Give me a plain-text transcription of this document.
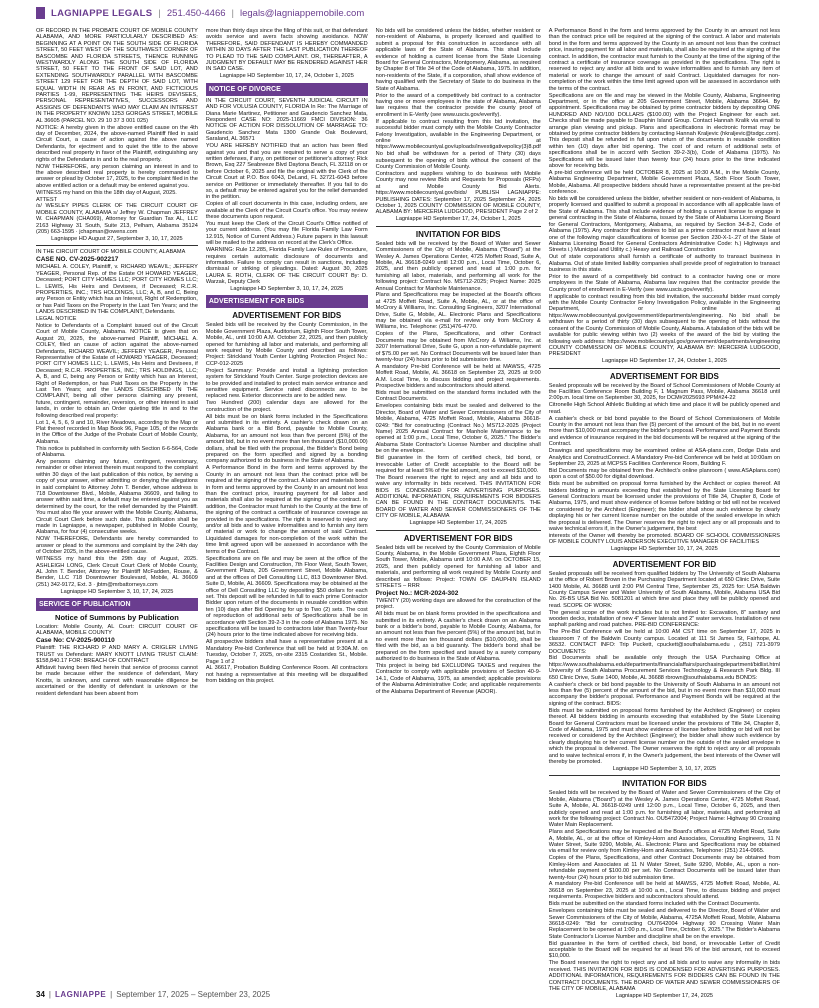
LAGNIAPPE LEGALS | 251.450-4466 | legals@lagniappemobile.com

OF RECORD IN THE PROBATE COURT OF MOBILE COUNTY ALABAMA, AND MORE PARTICULARLY DESCRIBED AS: BEGINNING AT A POINT ON THE SOUTH SIDE OF FLORIDA STREET, 50 FEET WEST OF THE SOUTHWEST CORNER OF BASCOMBE AND FLORIDA STREETS, THENCE RUNNING WESTWARDLY ALONG THE SOUTH SIDE OF FLORIDA STREET, 50 FEET TO THE FRONT OF SAID LOT, AND EXTENDING SOUTHWARDLY PARALLEL WITH BASCOMBE STREET 129 FEET FOR THE DEPTH OF SAID LOT, WITH EQUAL WIDTH IN REAR AS IN FRONT, AND FICTICIOUS PARTIES 1-99, REPRESENTING THE HEIRS DEVISEES, PERSONAL REPRESENTATIVES, SUCCESSORS AND ASSIGNS OF DEFENDANTS WHO MAY CLAIM AN INTEREST IN THE PROPERTY KNOWN 1253 GORGAS STREET, MOBILE AL 36605 (PARCEL NO. 29 10 37 3 001 025)

NOTICE: A hereby given in the above entitled cause on the 4th day of December, 2024, the above-named Plaintiff filed in said Circuit Court, a cause of action against the above named Defendants, for ejectment and to quiet the title to the above described real property in favor of the Plaintiff, extinguishing any rights of the Defendants in and to the real property.

NOW THEREFORE, any person claiming an interest in and to the above described real property is hereby commanded to answer or plead by October 17, 2025, to the complaint filed in the above entitled action or a default may be entered against you.

WITNESS my hand on this the 18th day of August, 2025.

ATTEST

/s/ WESLEY PIPES CLERK OF THE CIRCUIT COURT OF MOBILE COUNTY, ALABAMA s/ Jeffrey W. Chapman JEFFREY W. CHAPMAN (CHA069), Attorney for Guardian Tax AL, LLC 2163 Highway 31 South, Suite 213, Pelham, Alabama 35124 (205) 663-1595 · jchapman@owens.com

Lagniappe HD August 27, September 3, 10, 17, 2025

IN THE CIRCUIT COURT OF MOBILE COUNTY, ALABAMA

CASE NO. CV-2025-902217

MICHAEL A. COLEY, Plaintiff, v. RICHARD WEAVIL; JEFFERY YEAGER, Personal Rep. of the Estate Of HOWARD YEAGER, Deceased; PORT CITY HOMES LLC; PORT CITY HOMES LLC; L. LEWIS, His Heirs and Devisees, if Deceased; R.C.R. PROPERTIES, INC.; TRS HOLDINGS, LLC; A, B, and C, Being any Person or Entity which has an Interest, Right of Redemption, or has Paid Taxes on the Property in the Last Ten Years; and the LANDS DESCRIBED IN THE COMPLAINT, Defendants.

LEGAL NOTICE

Notice to Defendants of a Complaint issued out of the Circuit Court of Mobile County, Alabama. NOTICE is given that on August 20, 2025, the above-named Plaintiff, MICHAEL A. COLEY, filed an cause of action against the above-named Defendants, RICHARD WEAVIL; JEFFERY YEAGER, Personal Representative of the Estate of HOWARD YEAGER, Deceased; PORT CITY HOMES LLC; L. LEWIS, His Heirs and Devisees, if Deceased; R.C.R. PROPERTIES, INC.; TRS HOLDINGS, LLC; A, B, and C, being any Person or Entity which has an Interest, Right of Redemption, or has Paid Taxes on the Property in the Last Ten Years; and the LANDS DESCRIBED IN THE COMPLAINT, being all other persons claiming any present, future, contingent, remainder, reversion, or other interest in said lands, in order to obtain an Order quieting title in and to the following described real property:

Lot 1, 4, 5, 6, 9 and 10, River Meadows, according to the Map or Plat thereof recorded in Map Book 96, Page 105, of the records in the Office of the Judge of the Probate Court of Mobile County, Alabama.

This notice is published in conformity with Section 6-6-564, Code of Alabama.

Any persons claiming any future, contingent, reversionary, remainder or other interest therein must respond to the complaint within 30 days of the last publication of this notice, by serving a copy of your answer, either admitting or denying the allegations in said complaint to Attorney John T. Bender, whose address is 718 Downtowner Blvd., Mobile, Alabama 36609, and failing to answer within said time, a default may be entered against you as determined by the court, for the relief demanded by the Plaintiff. You must also file your answer with the Mobile County, Alabama, Circuit Court Clerk before such date. This publication shall be made in Lagniappe, a newspaper, published in Mobile County, Alabama, for four (4) consecutive weeks.

NOW THEREFORE, Defendants are hereby commanded to answer or plead to the summons and complaint by the 24th day of October 2025, in the above-entitled cause.

WITNESS my hand this the 29th day of August, 2025. ASHLEIGH LONG, Clerk Circuit Court Clerk of Mobile County, AL John T. Bender, Attorney for Plaintiff McFadden, Rouse, & Bender, LLC 718 Downtowner Boulevard, Mobile, AL 36609 (251) 342-9172, Ext. 3 · jbtm@mrbattorneys.com

Lagniappe HD September 3, 10, 17, 24, 2025

SERVICE OF PUBLICATION
Notice of Summons by Publication

Location: Mobile County, AL Court: CIRCUIT COURT OF ALABAMA, MOBILE COUNTY

Case No: CV-2025-900110

Plaintiff: THE RICHARD P AND MARY A. CRIGLER LIVING TRUST vs Defendant: MARY KNOTT LIVING TRUST CLAIM: $158,840.17 FOR: BREACH OF CONTRACT

Affidavit having been filed herein that service of process cannot be made because either the residence of defendant, Mary Knotts, is unknown, and cannot with reasonable diligence be ascertained or the identity of defendant is unknown or the resident defendant has been absent from

more than thirty days since the filing of this suit, or that defendant avoids service and avers facts showing avoidance. NOW THEREFORE, SAID DEFENDANT IS HEREBY COMMANDED WITHIN 30 DAYS AFTER THE LAST PUBLICATION THEREOF TO PLEAD TO THE SAID COMPLAINT. OR, THEREAFTER, A JUDGMENT BY DEFAULT MAY BE RENDERED AGAINST HER IN SAID CASE.

Lagniappe HD September 10, 17, 24, October 1, 2025

NOTICE OF DIVORCE

IN THE CIRCUIT COURT, SEVENTH JUDICIAL CIRCUIT IN AND FOR VOLUSIA COUNTY, FLORIDA In Re: The Marriage of Diana Marie Martinez, Petitioner and Gaudencio Sanchez Mata, Respondent CASE NO: 2025-11669 FMCI DIVISION: 36 NOTICE OF ACTION FOR DISSOLUTION OF MARRIAGE TO: Gaudencio Sanchez Mata 1300 Grande Oak Boulevard, Saraland, AL 36571

YOU ARE HEREBY NOTIFIED that an action has been filed against you and that you are required to serve a copy of your written defenses, if any, on petitioner or petitioner's attorney: Rick Brown, Esq 227 Seabreeze Blvd Daytona Beach, FL 32118 on or before October 6, 2025 and file the original with the Clerk of the Circuit Court at P.O. Box 6043, DeLand, FL 32721-6043 before service on Petitioner or immediately thereafter. If you fail to do so, a default may be entered against you for the relief demanded in the petition.

Copies of all court documents in this case, including orders, are available at the Clerk of the Circuit Court's office. You may review these documents upon request.

You must keep the Clerk of the Circuit Court's Office notified of your current address. (You may file Florida Family Law Form 12.915, Notice of Current Address.) Future papers in this lawsuit will be mailed to the address on record at the Clerk's Office.

WARNING: Rule 12.285, Florida Family Law Rules of Procedure, requires certain automatic disclosure of documents and information. Failure to comply can result in sanctions, including dismissal or striking of pleadings. Dated: August 30, 2025 LAURA E. ROTH, CLERK OF THE CIRCUIT COURT By: D. Warzak, Deputy Clerk

Lagniappe HD September 3, 10, 17, 24, 2025

ADVERTISEMENT FOR BIDS
ADVERTISEMENT FOR BIDS

Sealed bids will be received by the County Commission, in the Mobile Government Plaza, Auditorium, Eighth Floor South Tower, Mobile, AL, until 10:00 A.M. October 22, 2025, and then publicly opened for furnishing all labor and materials, and performing all work required by Mobile County and described as follows: Project: Strickland Youth Center Lighting Protection Project No.: CCP-012-2025

Project Summary: Provide and install a lightning protection system for Strickland Youth Center. Surge protection devices are to be provided and installed to protect main service entrance and sensitive equipment. Service rated disconnects are to be replaced new. Exterior disconnects are to be added new.

Two Hundred (200) calendar days are allowed for the construction of the project.

All bids must be on blank forms included in the Specifications and submitted in its entirety. A cashier's check drawn on an Alabama bank or a Bid Bond, payable to Mobile County, Alabama, for an amount not less than five percent (5%) of the amount bid, but in no event more than ten thousand ($10,000.00) dollars, shall be filed with the proposal, the Bidder's Bond being prepared on the form specified and signed by a bonding company authorized to do business in the State of Alabama.

A Performance Bond in the form and terms approved by the County in an amount not less than the contract price will be required at the signing of the contract. A labor and materials bond in form and terms approved by the County in an amount not less than the contract price, insuring payment for all labor and materials shall also be required at the signing of the contract. In addition, the Contractor must furnish to the County at the time of the signing of the contract a certificate of insurance coverage as provided in the specifications. The right is reserved to reject any and/or all bids and to waive informalities and to furnish any item of material or work to change the amount of said Contract. Liquidated damages for non-completion of the work within the time limit agreed upon will be assessed in accordance with the terms of the Contract.

Specifications are on file and may be seen at the office of the Facilities Design and Construction, 7th Floor West, South Tower, Government Plaza, 205 Government Street, Mobile Alabama, and at the offices of Dell Consulting LLC, 813 Downtowner Blvd. Suite D, Mobile, AL 36609. Specifications may be obtained at the office of Dell Consulting LLC by depositing $50 dollars for each set. This deposit will be refunded in full to each prime Contractor Bidder upon return of the documents in reusable condition within ten (10) days after Bid Opening for up to Two (2) sets. The cost of reproduction of additional sets of Specifications shall be in accordance with Section 39-2-3 in the code of Alabama 1975. No specifications will be issued to contractors later than Twenty-four (24) hours prior to the time indicated above for receiving bids.

All prospective bidders shall have a representative present at a Mandatory Pre-bid Conference that will be held at 9:30A.M. on Tuesday, October 7, 2025, on-site 2315 Costarides St., Mobile. Page 1 of 2

AL 36617, Probation Building Conference Room. All contractors not having a representative at this meeting will be disqualified from bidding on this project.

No bids will be considered unless the bidder, whether resident or non-resident of Alabama, is properly licensed and qualified to submit a proposal for this construction in accordance with all applicable laws of the State of Alabama. This shall include evidence of holding a current license from the State Licensing Board for General Contractors, Montgomery, Alabama, as required by Chapter 8 of Title 34 of the Code of Alabama, 1975. In addition, non-residents of the State, if a corporation, shall show evidence of having qualified with the Secretary of State to do business in the State of Alabama.

Prior to the award of a competitively bid contract to a contractor having one or more employees in the state of Alabama, Alabama law requires that the contractor provide the county proof of enrollment in E-Verify (see www.uscis.gov/everify).

If applicable to contract resulting from this bid invitation, the successful bidder must comply with the Mobile County Contractor Felony Investigation, available in the Engineering Department, or online at https://www.mobilecountyal.gov/uploads/investigativepolicy(3)8.pdf

No bid shall be withdrawn for a period of Thirty (30) days subsequent to the opening of bids without the consent of the County Commission of Mobile County.

Contractors and suppliers wishing to do business with Mobile County may now review Bids and Requests for Proposals (RFPs) at and Mobile County Bid Alerts. https://www.mobilecountyal.gov/bids/ PUBLISH LAGNIAPPE: PUBLISHING DATES: September 17, 2025 September 24, 2025 October 1, 2025 COUNTY COMMISSION OF MOBILE COUNTY, ALABAMA BY: MERCERIA LUDGOOD, PRESIDENT Page 2 of 2

Lagniappe HD September 17, 24, October 1, 2025

INVITATION FOR BIDS

Sealed bids will be received by the Board of Water and Sewer Commissioners of the City of Mobile, Alabama ("Board") at the Wesley A. James Operations Center, 4725 Moffett Road, Suite A, Mobile, AL 36618-0249 until 12:00 p.m., Local Time, October 6, 2025, and then publicly opened and read at 1:00 p.m. for furnishing all labor, materials, and performing all work for the following project: Contract No. MS712-2025; Project Name: 2025 Annual Contract for Manhole Maintenance.

Plans and Specifications may be inspected at the Board's offices at 4725 Moffett Road, Suite A, Mobile, AL, or at the office of McCrory & Williams, Inc. Consulting Engineers, 3207 International Drive, Suite G, Mobile, AL. Electronic Plans and Specifications may be obtained via e-mail for review only from McCrory & Williams, Inc. Telephone: (251)476-4770.

Copies of the Plans, Specifications, and other Contract Documents may be obtained from McCrory & Williams, Inc. at 3207 International Drive, Suite G, upon a non-refundable payment of $75.00 per set. No Contract Documents will be issued later than twenty-four (24) hours prior to bid submission time.

A mandatory Pre-bid Conference will be held at MAWSS, 4725 Moffett Road, Mobile, AL 36618 on September 23, 2025 at 9:00 A.M. Local Time, to discuss bidding and project requirements. Prospective bidders and subcontractors should attend.

Bids must be submitted on the standard forms included with the Contract Documents.

Envelopes containing bids must be sealed and delivered to the Director, Board of Water and Sewer Commissioners of the City of Mobile, Alabama, 4725 Moffett Road, Mobile, Alabama 36618-0249: "Bid for constructing (Contract No.) MS712-2025 (Project Name) 2025 Annual Contract for Manhole Maintenance to be opened at 1:00 p.m., Local Time, October 6, 2025." The Bidder's Alabama State Contractor's License Number and discipline shall be on the envelope.

Bid guarantee in the form of certified check, bid bond, or irrevocable Letter of Credit acceptable to the Board will be required for at least 5% of the bid amount, not to exceed $10,000.

The Board reserves the right to reject any and all bids and to waive any informality in bids received. THIS INVITATION FOR BIDS IS CONDENSED FOR ADVERTISING PURPOSES. ADDITIONAL INFORMATION, REQUIREMENTS FOR BIDDERS CAN BE FOUND IN THE CONTRACT DOCUMENTS. THE BOARD OF WATER AND SEWER COMMISSIONERS OF THE CITY OF MOBILE, ALABAMA

Lagniappe HD September 17, 24, 2025

ADVERTISEMENT FOR BIDS

Sealed bids will be received by the County Commission of Mobile County, Alabama, in the Mobile Government Plaza, Eighth Floor South Tower, Mobile, Alabama until 10:00 A.M. on OCTOBER 15, 2025, and then publicly opened for furnishing all labor and materials, and performing all work required by Mobile County and described as follows: Project: TOWN OF DAUPHIN ISLAND STREETS – RRR

Project No.: MCR-2024-302

TWENTY (20) working days are allowed for the construction of the project.

All bids must be on blank forms provided in the specifications and submitted in its entirety. A cashier's check drawn on an Alabama bank or a bidder's bond, payable to Mobile County, Alabama, for an amount not less than five percent (5%) of the amount bid, but in no event more than ten thousand dollars ($10,000.00), shall be filed with the bid, as a bid guaranty. The bidder's bond shall be prepared on the form specified and issued by a surety company authorized to do business in the State of Alabama.

This project is being bid EXCLUDING TAXES and requires the Contractor to comply with applicable provisions of Section 40-9-14.1, Code of Alabama, 1975, as amended; applicable provisions of the Alabama Administrative Code; and applicable requirements of the Alabama Department of Revenue (ADOR).

A Performance Bond in the form and terms approved by the County in an amount not less than the contract price will be required at the signing of the contract. A labor and materials bond in the form and terms approved by the County in an amount not less than the contract price, insuring payment for all labor and materials, shall also be required at the signing of the contract. In addition, the contractor must furnish to the County at the time of the signing of the contract a certificate of insurance coverage as provided in the specifications. The right is reserved to reject any and/or all bids and to waive informalities and to furnish any item of material or work to change the amount of said Contract. Liquidated damages for non-completion of the work within the time limit agreed upon will be assessed in accordance with the terms of the contract.

Specifications are on file and may be viewed in the Mobile County, Alabama, Engineering Department, or in the office at 205 Government Street, Mobile, Alabama 36644. By appointment. Specifications may be obtained by prime contractor bidders by depositing ONE HUNDRED AND NO/100 DOLLARS ($100.00) with the Project Engineer for each set. Checks shall be made payable to Dauphin Island Group. Contact Hannah Kralik via email to arrange plan viewing and pickup. Plans and specifications in electronic format may be obtained by prime contractor bidders by contacting Hannah Kraljevic (hkraljevic@tsdgc.com). This deposit shall be refunded in full upon return of the documents in reusable condition within ten (10) days after bid opening. The cost of and return of additional sets of specifications shall be in accord with Section 39-2-3(b), Code of Alabama (1975). No Specifications will be issued later than twenty four (24) hours prior to the time indicated above for receiving bids.

A pre-bid conference will be held OCTOBER 8, 2025 at 10:30 A.M., in the Mobile County, Alabama Engineering Department, Mobile Government Plaza, Sixth Floor South Tower, Mobile, Alabama. All prospective bidders should have a representative present at the pre-bid conference.

No bids will be considered unless the bidder, whether resident or non-resident of Alabama, is properly licensed and qualified to submit a proposal in accordance with all applicable laws of the State of Alabama. This shall include evidence of holding a current license to engage in general contracting in the State of Alabama, issued by the State of Alabama Licensing Board for General Contractors, Montgomery, Alabama, as required by Section 34-8-2, Code of Alabama (1975). Any contractor that desires to bid as a prime contractor must have at least one of the following major classifications of license per Section 230-X-1-.27 of the State of Alabama Licensing Board for General Contractors Administrative Code: h.) Highways and Streets i.) Municipal and Utility c.) Heavy and Railroad Construction

Out of state corporations shall furnish a certificate of authority to transact business in Alabama. Out of state limited liability companies shall provide proof of registration to transact business in this state.

Prior to the award of a competitively bid contract to a contractor having one or more employees in the State of Alabama, Alabama law requires that the contractor provide the County proof of enrollment in E-Verify (see www.uscis.gov/everify).

If applicable to contract resulting from this bid invitation, the successful bidder must comply with the Mobile County Contractor Felony Investigation Policy, available in the Engineering Department, or online at https://www.mobilecountyal.gov/government/departments/engineering. No bid shall be withdrawn for a period of thirty (30) days subsequent to the opening of bids without the consent of the County Commission of Mobile County, Alabama. A tabulation of the bids will be available for public viewing within two (2) weeks of the award of the bid by visiting the following web address: https://www.mobilecountyal.gov/government/departments/engineering COUNTY COMMISSION OF MOBILE COUNTY, ALABAMA BY: MERCERIA LUDGOOD, PRESIDENT

Lagniappe HD September 17, 24, October 1, 2025

ADVERTISEMENT FOR BIDS

Sealed proposals will be received by the Board of School Commissioners of Mobile County at the Facilities Conference Room Building F, 1 Magnum Pass, Mobile, Alabama 36618 until 2:00p.m. local time on September 30, 2025, for DCM#2025693 PPM#24-22

Citronelle High School Athletic Building at which time and place it will be publicly opened and read.

A cashier's check or bid bond payable to the Board of School Commissioners of Mobile County in the amount not less than five (5) percent of the amount of the bid, but in no event more than $10,000 must accompany the bidder's proposal. Performance and Payment Bonds and evidence of insurance required in the bid documents will be required at the signing of the Contract.

Drawings and specifications may be examined online at ASA-plans.com, Dodge Data and Analytics and ConstructConnect. A Mandatory Pre-bid Conference will be held at 10:00am on September 23, 2025 at MCPSS Facilities Conference Room, Building F.

Bid Documents may be obtained from the Architect's online planroom ( www.ASAplans.com) upon a cost of $50.00 for digital download.

Bids must be submitted on proposal forms furnished by the Architect or copies thereof. All bidders bidding in amounts exceeding that established by the State Licensing Board for General Contractors must be licensed under the provisions of Title 34, Chapter 8, Code of Alabama, 1975, and must show evidence of license before bidding or bid will not be received or considered by the Architect (Engineer); the bidder shall show such evidence by clearly displaying his or her current license number on the outside of the sealed envelope in which the proposal is delivered. The Owner reserves the right to reject any or all proposals and to waive technical errors if, in the Owner's judgement, the best

interests of the Owner will thereby be promoted. BOARD OF SCHOOL COMMISSIONERS OF MOBILE COUNTY LOUIS ANDERSON EXECUTIVE MANAGER OF FACILITIES

Lagniappe HD September 10, 17, 24, 2025

ADVERTISEMENT FOR BID

Sealed proposals will be received from qualified bidders by The University of South Alabama at the office of Robert Brown in the Purchasing Department located at 650 Clinic Drive, Suite 1400 Mobile, AL 36688 until 2:00 PM Central Time, September 25, 2025 for: USA Baldwin County Campus Sewer and Water University of South Alabama, Mobile, Alabama USA Bid No. 26-BS USA Bid No. 5081201 at which time and place they will be publicly opened and read. SCOPE OF WORK:

The general scope of the work includes but is not limited to: Excavation, 8" sanitary and wooden decks, installation of new 4" Sewer laterals and 2" water services. Installation of new asphalt parking and road patches. PRE-BID CONFERENCE:

The Pre-Bid Conference will be held at 10:00 AM CST time on September 17, 2025 in classroom 7 of the Baldwin County campus. Located at 111 St James St, Fairhope, AL 36532. CONTACT INFO: Trip Puckett, cpuckett@southalabama.edu , (251) 721-3979 DOCUMENTS:

Bid Documents shall be available only through the USA Purchasing Office at https://www.southalabama.edu/departments/financialaffairs/purchasingdepartment/bidlist.html University of South Alabama Procurement Services Technology & Research Park Bldg. III 650 Clinic Drive, Suite 1400, Mobile, AL 36688 rbrown@southalabama.edu BONDS:

A cashier's check or bid bond payable to the University of South Alabama in an amount not less than five (5) percent of the amount of the bid, but in no event more than $10,000 must accompany the bidder's proposal. Performance and Payment Bonds will be required at the signing of the contract. BIDS:

Bids must be submitted on proposal forms furnished by the Architect (Engineer) or copies thereof. All bidders bidding in amounts exceeding that established by the State Licensing Board for General Contractors must be licensed under the provisions of Title 34, Chapter 8, Code of Alabama, 1975 and must show evidence of license before bidding or bid will not be received or considered by the Architect (Engineer); the bidder shall show such evidence by clearly displaying his or her current license number on the outside of the sealed envelope in which the proposal is delivered. The Owner reserves the right to reject any or all proposals and to waive technical errors if, in the Owner's judgement, the best interests of the Owner will thereby be promoted.

Lagniappe HD September 3, 10, 17, 2025

INVITATION FOR BIDS

Sealed bids will be received by the Board of Water and Sewer Commissioners of the City of Mobile, Alabama ("Board") at the Wesley A. James Operations Center, 4725 Moffett Road, Suite A, Mobile, AL 36618-0249 until 12:00 p.m., Local Time, October 6, 2025, and then publicly opened and read at 1:00 p.m. for furnishing all labor, materials, and performing all work for the following project: Contract No. OU5472004; Project Name: Highway 90 Crossing Water Main Replacement.

Plans and Specifications may be inspected at the Board's offices at 4725 Moffett Road, Suite A, Mobile, AL, or at the office of Kimley-Horn and Associates, Consulting Engineers, 11 N Water Street, Suite 9290, Mobile, AL. Electronic Plans and Specifications may be obtained via email for review only from Kimley-Horn and Associates, Telephone: (251) 214-0965.

Copies of the Plans, Specifications, and other Contract Documents may be obtained from Kimley-Horn and Associates at 11 N Water Street, Suite 9290, Mobile, AL, upon a non-refundable payment of $100.00 per set. No Contract Documents will be issued later than twenty-four (24) hours prior to bid submission time.

A mandatory Pre-bid Conference will be held at MAWSS, 4725 Moffett Road, Mobile, AL 36618 on September 23, 2025 at 10:00 a.m., Local Time, to discuss bidding and project requirements. Prospective bidders and subcontractors should attend.

Bids must be submitted on the standard forms included with the Contract Documents.

Envelopes containing bids must be sealed and delivered to the Director, Board of Water and Sewer Commissioners of the City of Mobile, Alabama, 4725A Moffett Road, Mobile, Alabama 36618-0249: "Bid for constructing OU7642004 Highway 90 Crossing Water Main Replacement to be opened at 1:00 p.m., Local Time, October 6, 2025." The Bidder's Alabama State Contractor's License Number and discipline shall be on the envelope.

Bid guarantee in the form of certified check, bid bond, or irrevocable Letter of Credit acceptable to the Board will be required for at least 5% of the bid amount, not to exceed $10,000.

The Board reserves the right to reject any and all bids and to waive any informality in bids received. THIS INVITATION FOR BIDS IS CONDENSED FOR ADVERTISING PURPOSES. ADDITIONAL INFORMATION, REQUIREMENTS FOR BIDDERS CAN BE FOUND IN THE CONTRACT DOCUMENTS. THE BOARD OF WATER AND SEWER COMMISSIONERS OF THE CITY OF MOBILE, ALABAMA

Lagniappe HD September 17, 24, 2025

34 | LAGNIAPPE | September 17, 2025 – September 23, 2025
